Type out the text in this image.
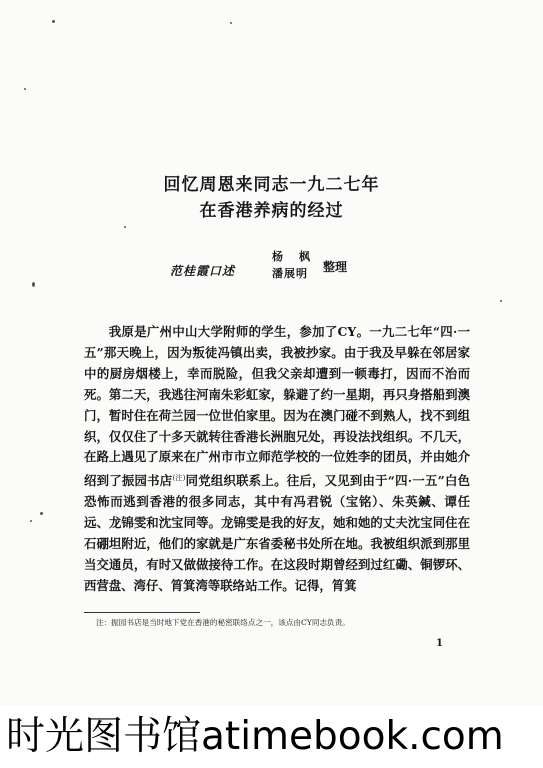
回忆周恩来同志一九二七年
在香港养病的经过
范桂霞口述
杨枫
潘展明	整理

我原是广州中山大学附师的学生，参加了CY。一九二七年“四·一五”那天晚上，因为叛徒冯镇出卖，我被抄家。由于我及早躲在邻居家中的厨房烟楼上，幸而脱险，但我父亲却遭到一顿毒打，因而不治而死。第二天，我逃往河南朱彩虹家，躲避了约一星期，再只身搭船到澳门，暂时住在荷兰园一位世伯家里。因为在澳门碰不到熟人，找不到组织，仅仅住了十多天就转往香港长洲胞兄处，再设法找组织。不几天，在路上遇见了原来在广州市市立师范学校的一位姓李的团员，并由她介绍到了振园书店$^{(注)}$同党组织联系上。往后，又见到由于“四·一五”白色恐怖而逃到香港的很多同志，其中有冯君锐（宝铭）、朱英鍼、谭任远、龙锦雯和沈宝同等。龙锦雯是我的好友，她和她的丈夫沈宝同住在石硼坦附近，他们的家就是广东省委秘书处所在地。我被组织派到那里当交通员，有时又做做接待工作。在这段时期曾经到过红磡、铜锣环、西营盘、湾仔、筲箕湾等联络站工作。记得，筲箕

注：振园书店是当时地下党在香港的秘密联络点之一，该点由CY同志负责。
1
时光图书馆atimebook.com
